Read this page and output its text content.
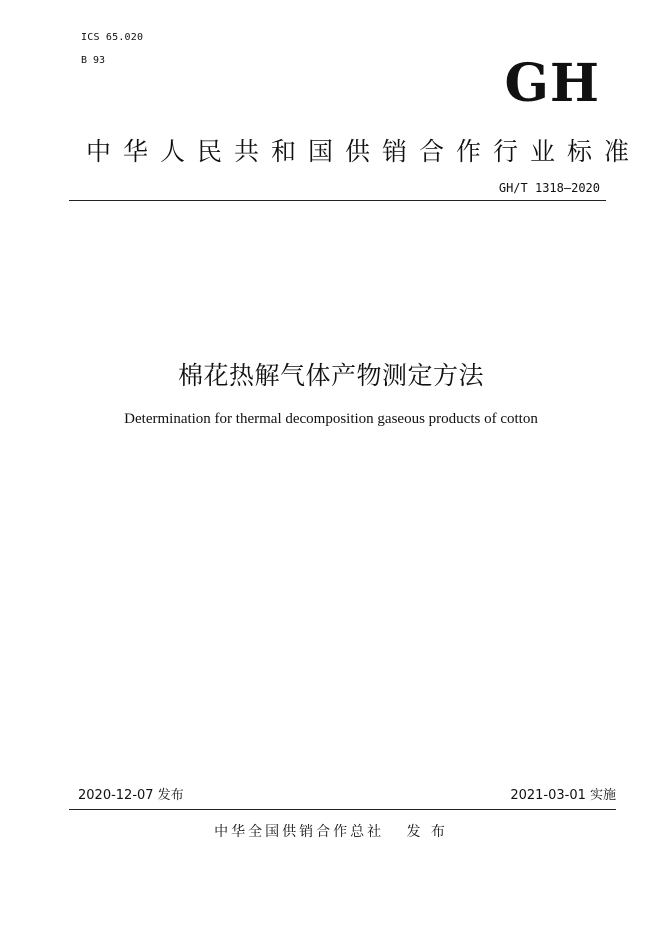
ICS 65.020
B 93	GH
中华人民共和国供销合作行业标准
GH/T 1318—2020
棉花热解气体产物测定方法
Determination for thermal decomposition gaseous products of cotton
2020-12-07 发布	2021-03-01 实施
中华全国供销合作总社   发 布
